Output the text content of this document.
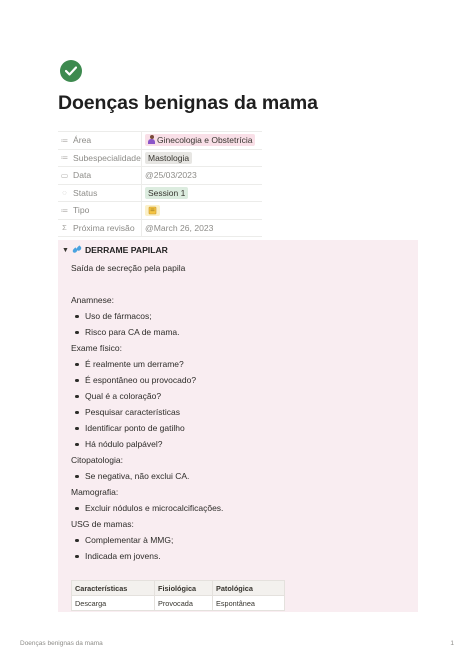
Doenças benignas da mama
≔ Área	Ginecologia e Obstetrícia
≔ Subespecialidade Mastologia
▭ Data	@25/03/2023
◌ Status	Session 1
≔ Tipo
Σ Próxima revisão	@March 26, 2023
▼ DERRAME PAPILAR
Saída de secreção pela papila
Anamnese:
Uso de fármacos;
Risco para CA de mama.
Exame físico:
É realmente um derrame?
É espontâneo ou provocado?
Qual é a coloração?
Pesquisar características
Identificar ponto de gatilho
Há nódulo palpável?
Citopatologia:
Se negativa, não exclui CA.
Mamografia:
Excluir nódulos e microcalcificações.
USG de mamas:
Complementar à MMG;
Indicada em jovens.
Características	Fisiológica	Patológica
Descarga	Provocada	Espontânea
Doenças benignas da mama	1
